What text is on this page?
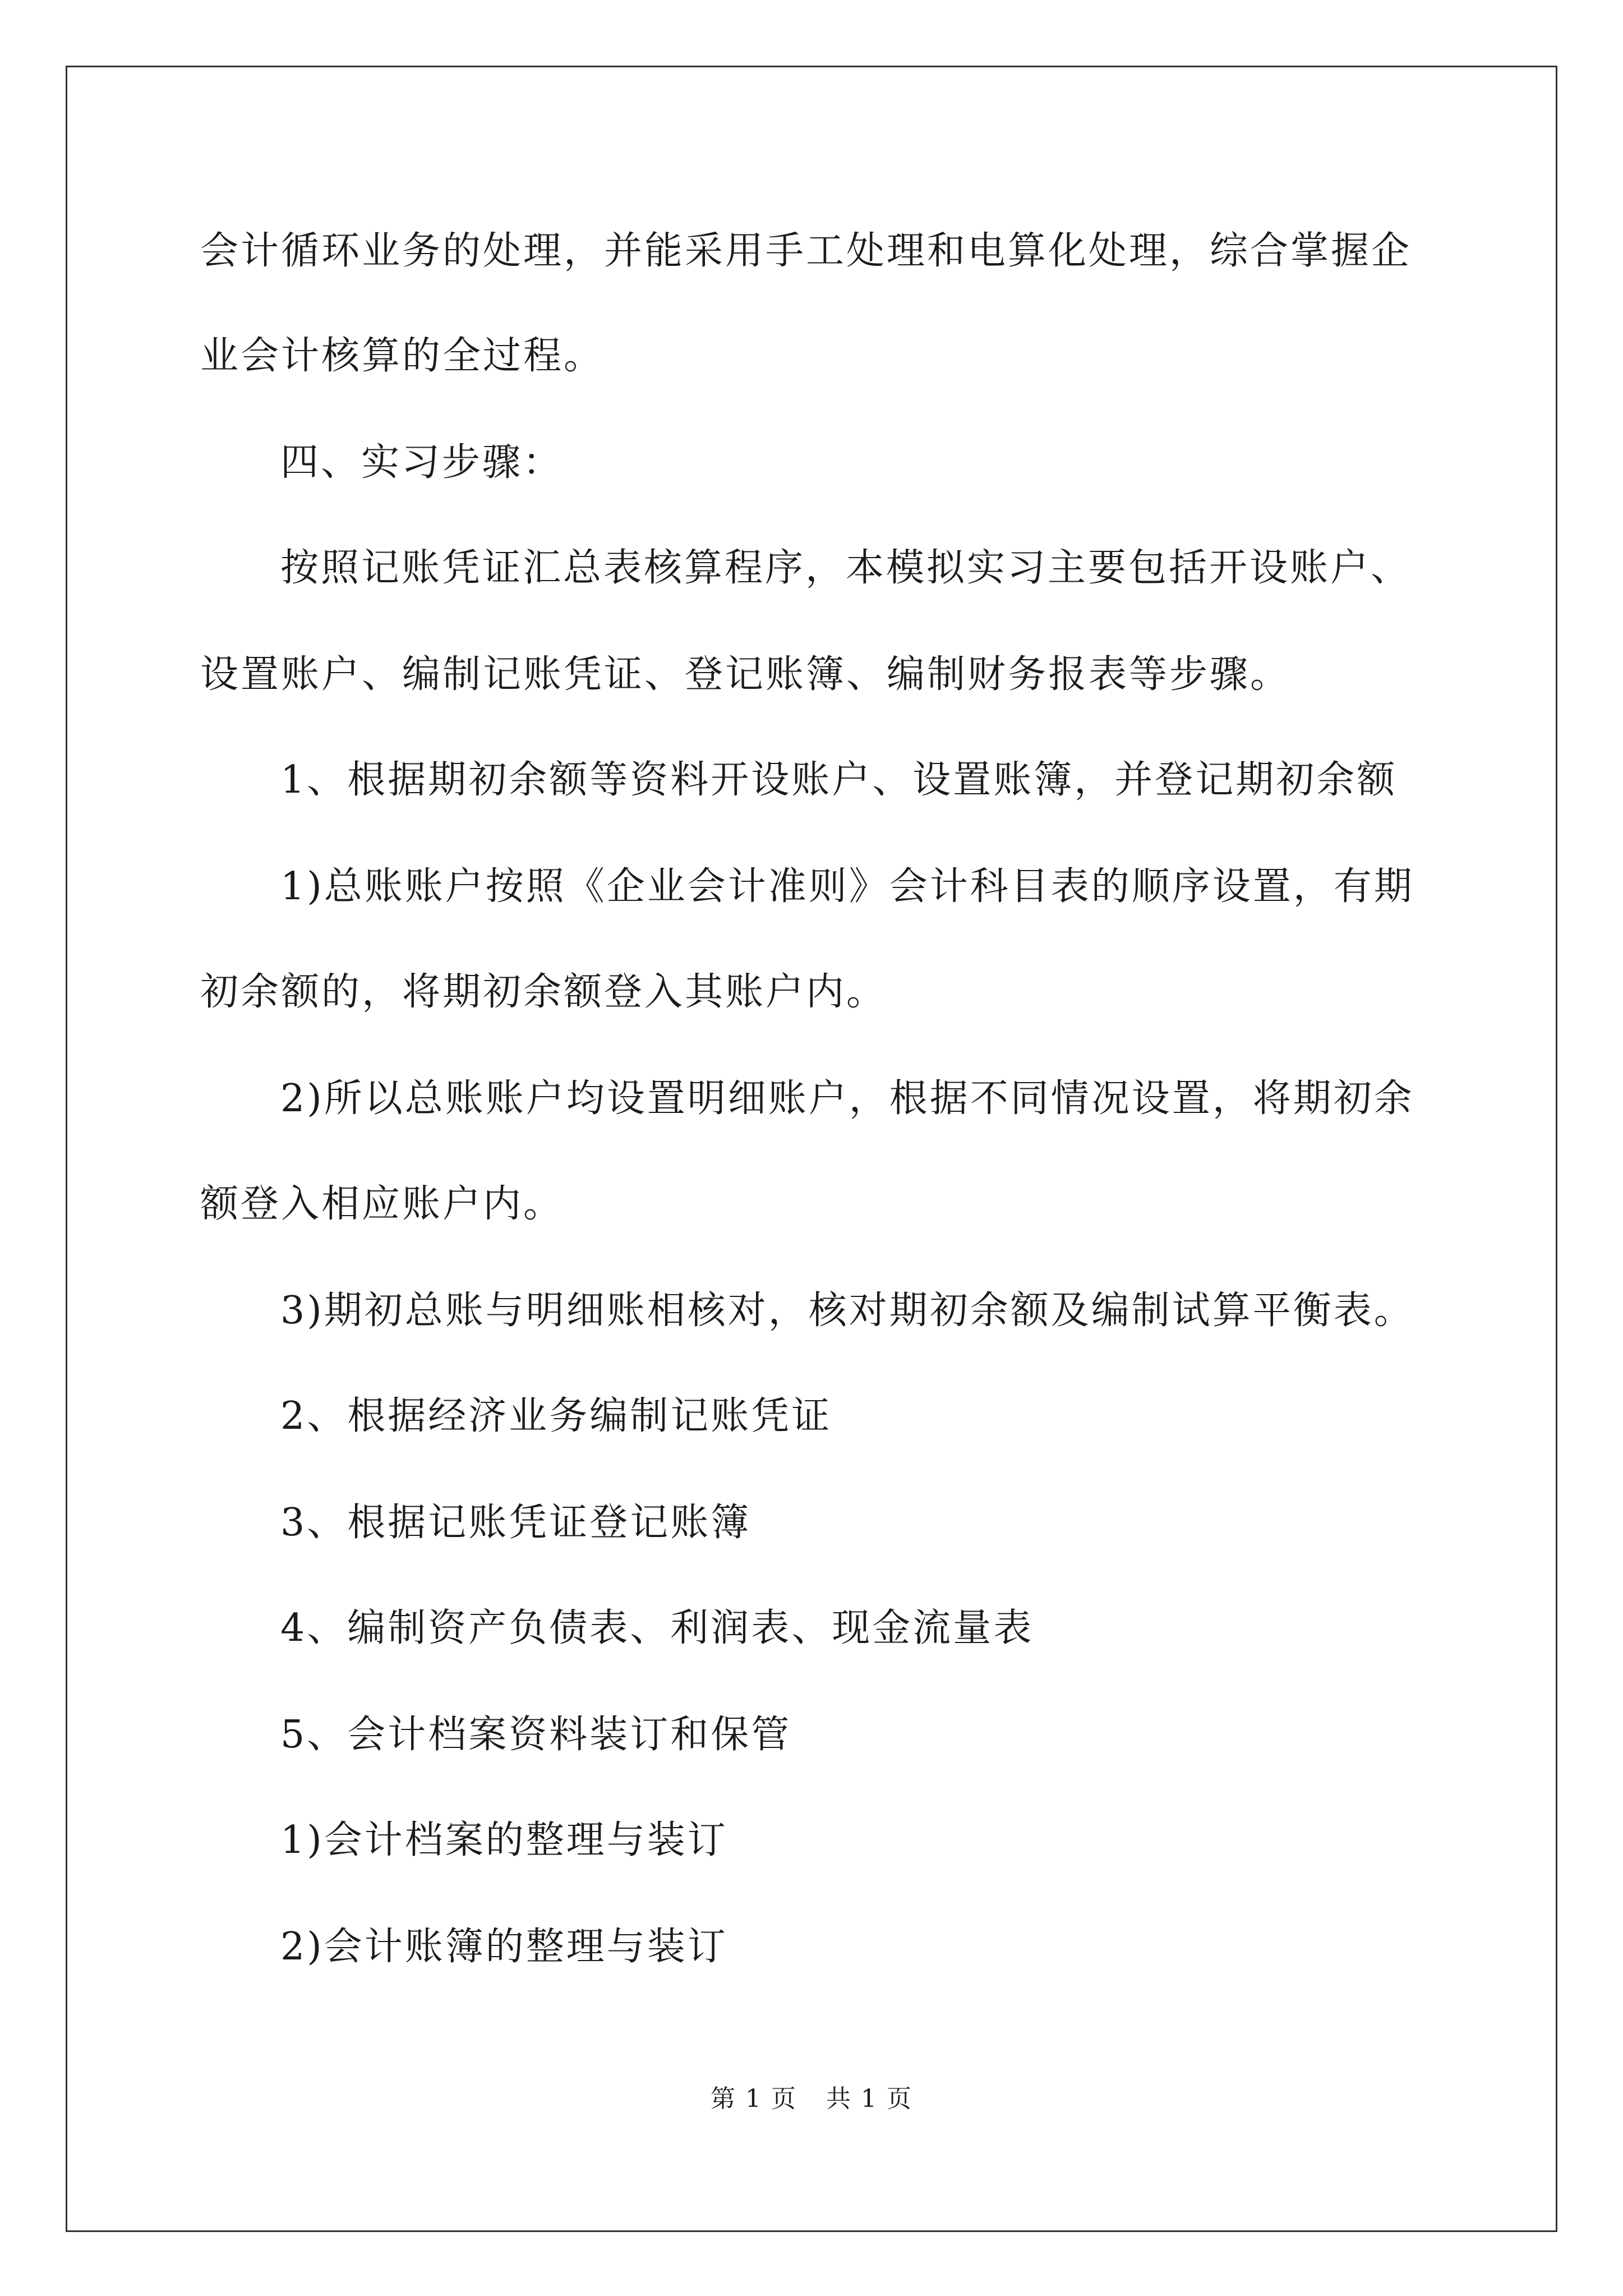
会计循环业务的处理，并能采用手工处理和电算化处理，综合掌握企
业会计核算的全过程。
四、实习步骤：
按照记账凭证汇总表核算程序，本模拟实习主要包括开设账户、
设置账户、编制记账凭证、登记账簿、编制财务报表等步骤。
1、根据期初余额等资料开设账户、设置账簿，并登记期初余额
1)总账账户按照《企业会计准则》会计科目表的顺序设置，有期
初余额的，将期初余额登入其账户内。
2)所以总账账户均设置明细账户，根据不同情况设置，将期初余
额登入相应账户内。
3)期初总账与明细账相核对，核对期初余额及编制试算平衡表。
2、根据经济业务编制记账凭证
3、根据记账凭证登记账簿
4、编制资产负债表、利润表、现金流量表
5、会计档案资料装订和保管
1)会计档案的整理与装订
2)会计账簿的整理与装订
第 1 页 共 1 页
